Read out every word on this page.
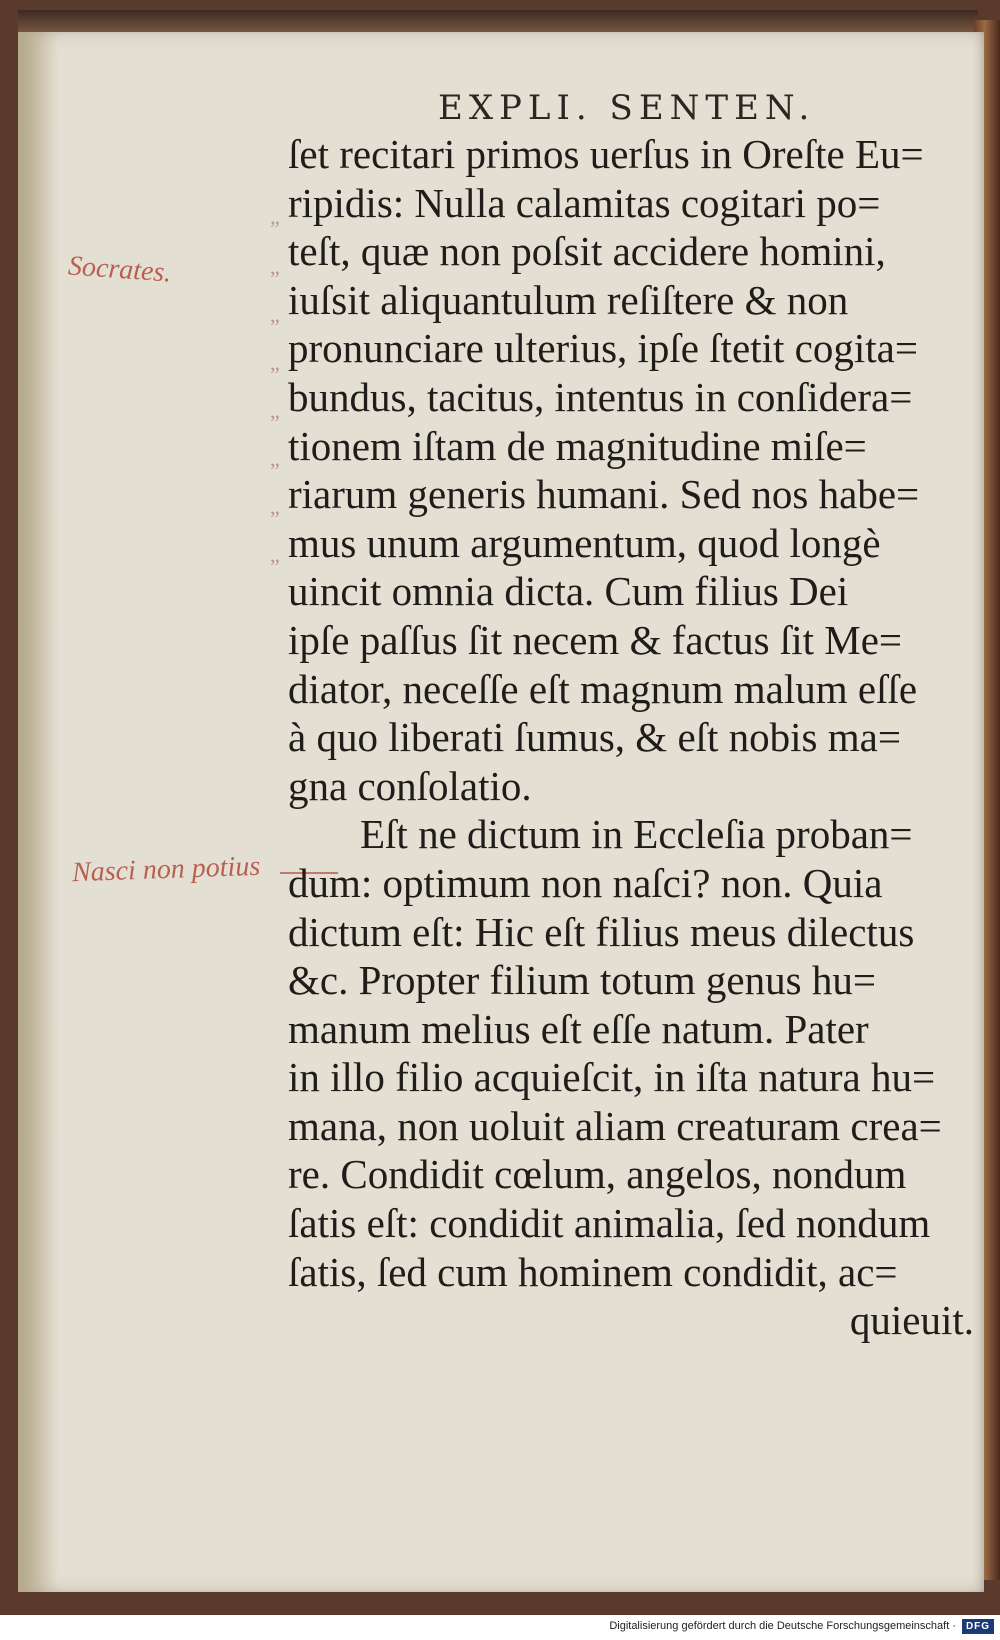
EXPLI. SENTEN.
Socrates.
Nasci non potius
„
„
„
„
„
„
„
„
ſet recitari primos uerſus in Oreſte Eu=
ripidis: Nulla calamitas cogitari po=
teſt, quæ non poſsit accidere homini,
iuſsit aliquantulum reſiſtere & non
pronunciare ulterius, ipſe ſtetit cogita=
bundus, tacitus, intentus in conſidera=
tionem iſtam de magnitudine miſe=
riarum generis humani. Sed nos habe=
mus unum argumentum, quod longè
uincit omnia dicta. Cum filius Dei
ipſe paſſus ſit necem & factus ſit Me=
diator, neceſſe eſt magnum malum eſſe
à quo liberati ſumus, & eſt nobis ma=
gna conſolatio.
Eſt ne dictum in Eccleſia proban=
dum: optimum non naſci? non. Quia
dictum eſt: Hic eſt filius meus dilectus
&c. Propter filium totum genus hu=
manum melius eſt eſſe natum. Pater
in illo filio acquieſcit, in iſta natura hu=
mana, non uoluit aliam creaturam crea=
re. Condidit cœlum, angelos, nondum
ſatis eſt: condidit animalia, ſed nondum
ſatis, ſed cum hominem condidit, ac=
quieuit.
Digitalisierung gefördert durch die Deutsche Forschungsgemeinschaft · DFG
